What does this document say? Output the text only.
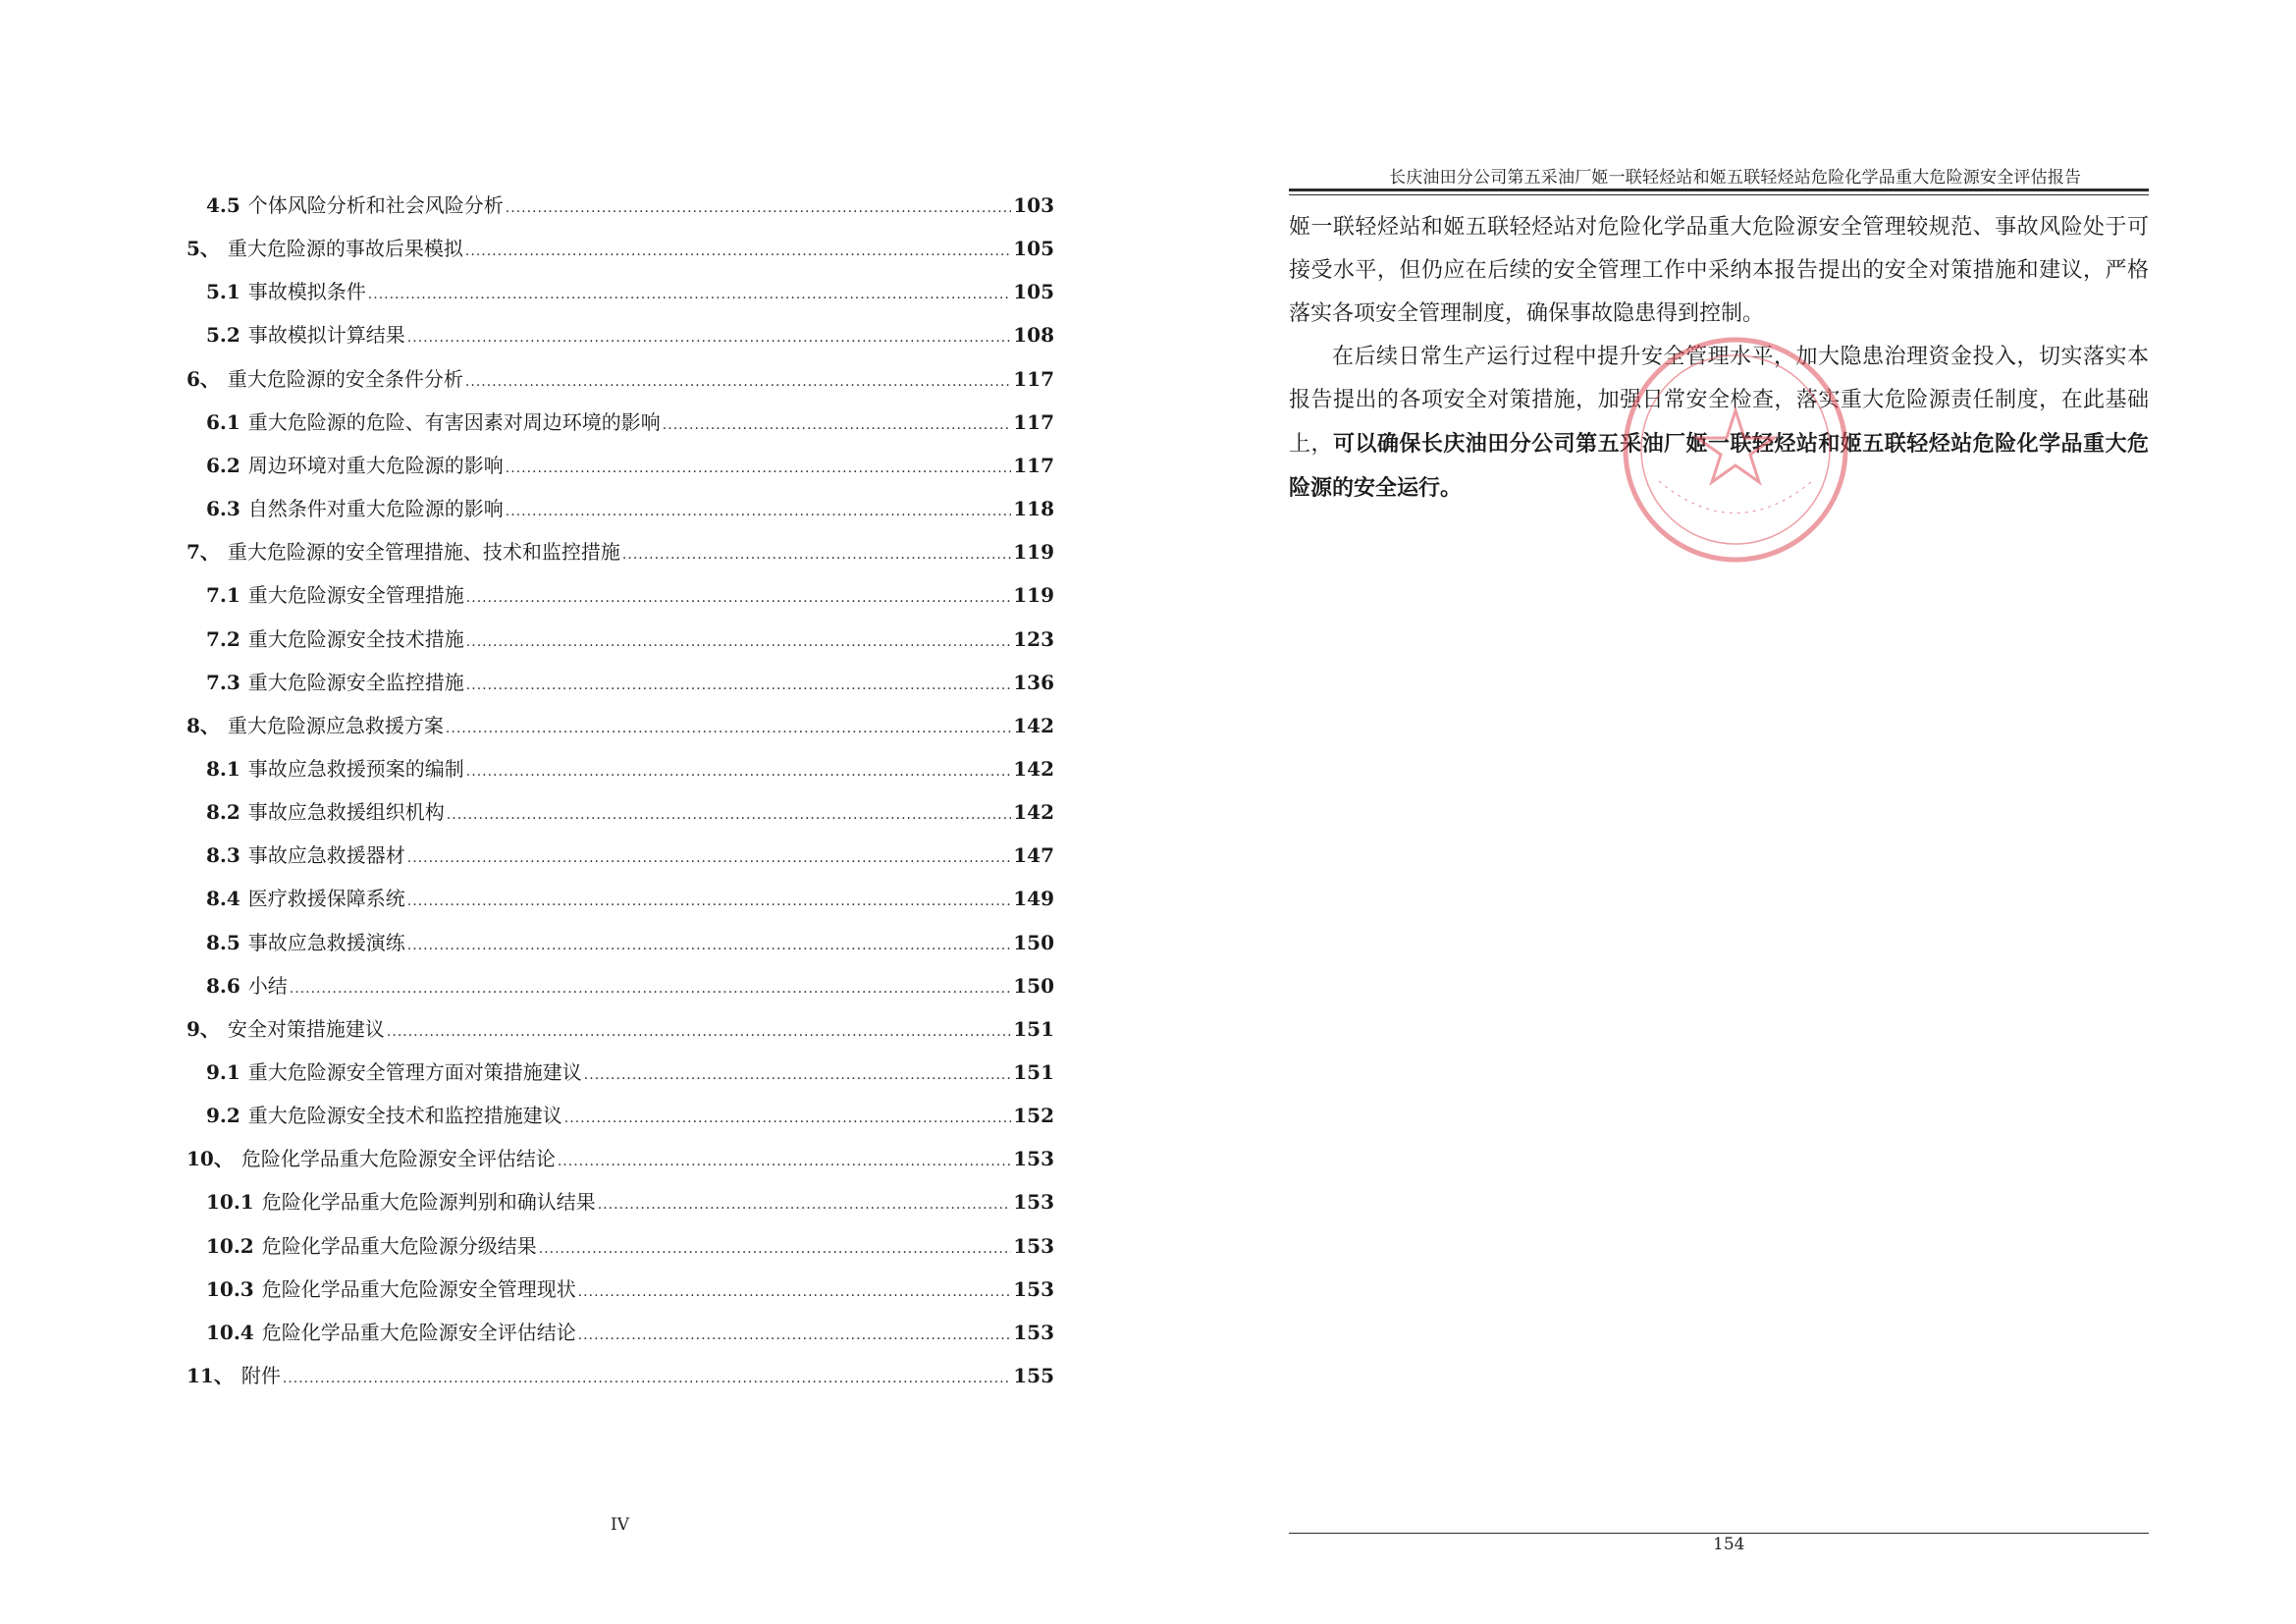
4.5 个体风险分析和社会风险分析 .....	103
5、 重大危险源的事故后果模拟 .....	105
5.1 事故模拟条件 .....	105
5.2 事故模拟计算结果 .....	108
6、 重大危险源的安全条件分析 .....	117
6.1 重大危险源的危险、有害因素对周边环境的影响 .....	117
6.2 周边环境对重大危险源的影响 .....	117
6.3 自然条件对重大危险源的影响 .....	118
7、 重大危险源的安全管理措施、技术和监控措施 .....	119
7.1 重大危险源安全管理措施 .....	119
7.2 重大危险源安全技术措施 .....	123
7.3 重大危险源安全监控措施 .....	136
8、 重大危险源应急救援方案 .....	142
8.1 事故应急救援预案的编制 .....	142
8.2 事故应急救援组织机构 .....	142
8.3 事故应急救援器材 .....	147
8.4 医疗救援保障系统 .....	149
8.5 事故应急救援演练 .....	150
8.6 小结 .....	150
9、 安全对策措施建议 .....	151
9.1 重大危险源安全管理方面对策措施建议 .....	151
9.2 重大危险源安全技术和监控措施建议 .....	152
10、 危险化学品重大危险源安全评估结论 .....	153
10.1 危险化学品重大危险源判别和确认结果 .....	153
10.2 危险化学品重大危险源分级结果 .....	153
10.3 危险化学品重大危险源安全管理现状 .....	153
10.4 危险化学品重大危险源安全评估结论 .....	153
11、 附件 .....	155
IV
长庆油田分公司第五采油厂姬一联轻烃站和姬五联轻烃站危险化学品重大危险源安全评估报告

姬一联轻烃站和姬五联轻烃站对危险化学品重大危险源安全管理较规范、事故风险处于可接受水平，但仍应在后续的安全管理工作中采纳本报告提出的安全对策措施和建议，严格落实各项安全管理制度，确保事故隐患得到控制。

在后续日常生产运行过程中提升安全管理水平，加大隐患治理资金投入，切实落实本报告提出的各项安全对策措施，加强日常安全检查，落实重大危险源责任制度，在此基础上，可以确保长庆油田分公司第五采油厂姬一联轻烃站和姬五联轻烃站危险化学品重大危险源的安全运行。

154
